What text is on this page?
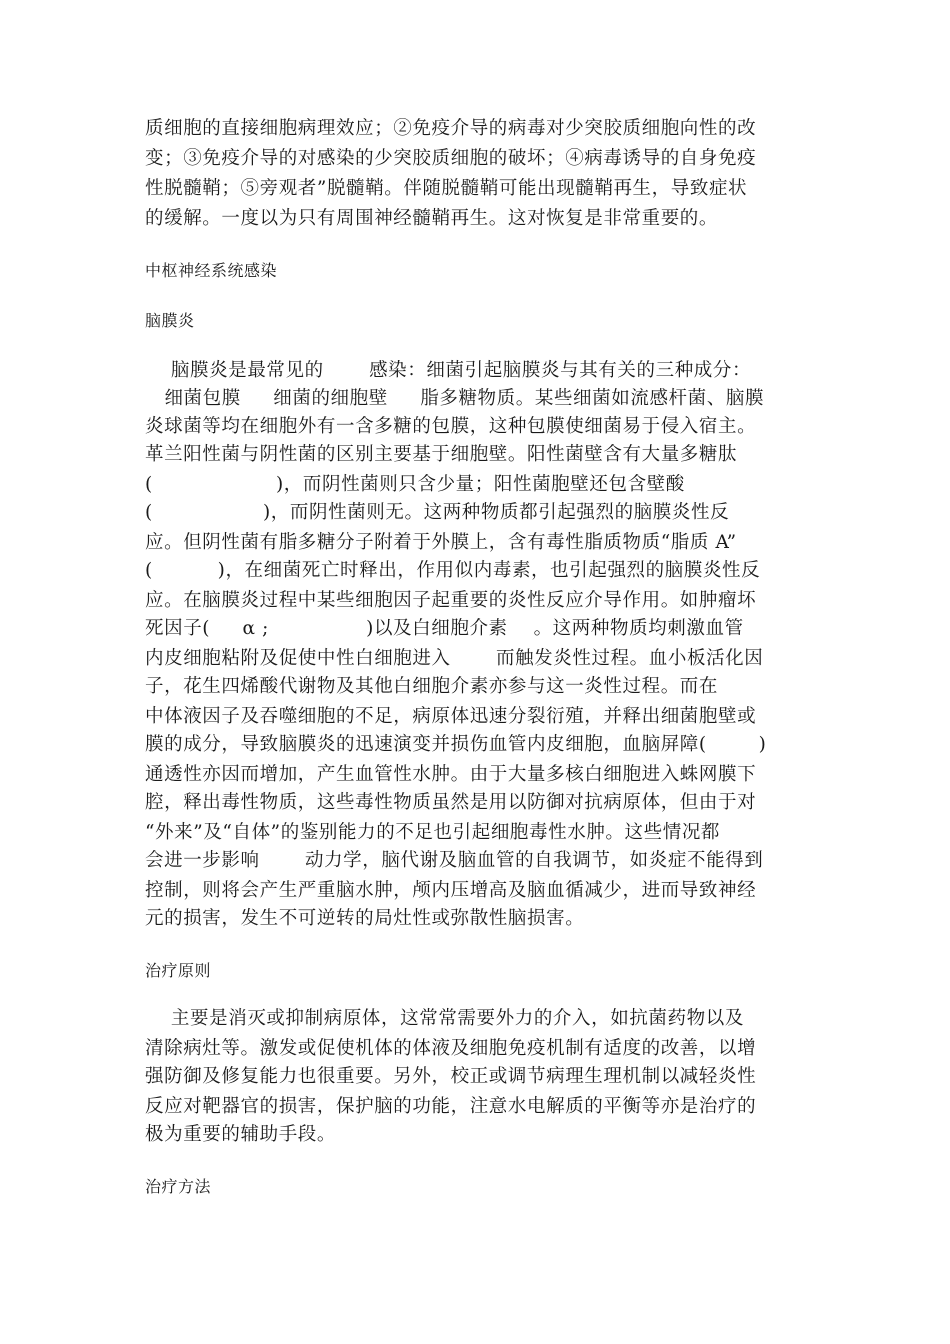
质细胞的直接细胞病理效应；②免疫介导的病毒对少突胶质细胞向性的改
变；③免疫介导的对感染的少突胶质细胞的破坏；④病毒诱导的自身免疫
性脱髓鞘；⑤旁观者”脱髓鞘。伴随脱髓鞘可能出现髓鞘再生，导致症状
的缓解。一度以为只有周围神经髓鞘再生。这对恢复是非常重要的。
中枢神经系统感染
脑膜炎
脑膜炎是最常见的       感染：细菌引起脑膜炎与其有关的三种成分：
细菌包膜     细菌的细胞壁     脂多糖物质。某些细菌如流感杆菌、脑膜
炎球菌等均在细胞外有一含多糖的包膜，这种包膜使细菌易于侵入宿主。
革兰阳性菌与阴性菌的区别主要基于细胞壁。阳性菌壁含有大量多糖肽
(                   )，而阴性菌则只含少量；阳性菌胞壁还包含壁酸
(                 )，而阴性菌则无。这两种物质都引起强烈的脑膜炎性反
应。但阴性菌有脂多糖分子附着于外膜上，含有毒性脂质物质“脂质 A”
(          )，在细菌死亡时释出，作用似内毒素，也引起强烈的脑膜炎性反
应。在脑膜炎过程中某些细胞因子起重要的炎性反应介导作用。如肿瘤坏
死因子(     α ;               )以及白细胞介素    。这两种物质均刺激血管
内皮细胞粘附及促使中性白细胞进入       而触发炎性过程。血小板活化因
子，花生四烯酸代谢物及其他白细胞介素亦参与这一炎性过程。而在
中体液因子及吞噬细胞的不足，病原体迅速分裂衍殖，并释出细菌胞壁或
膜的成分，导致脑膜炎的迅速演变并损伤血管内皮细胞，血脑屏障(        )
通透性亦因而增加，产生血管性水肿。由于大量多核白细胞进入蛛网膜下
腔，释出毒性物质，这些毒性物质虽然是用以防御对抗病原体，但由于对
“外来”及“自体”的鉴别能力的不足也引起细胞毒性水肿。这些情况都
会进一步影响       动力学，脑代谢及脑血管的自我调节，如炎症不能得到
控制，则将会产生严重脑水肿，颅内压增高及脑血循减少，进而导致神经
元的损害，发生不可逆转的局灶性或弥散性脑损害。
治疗原则
主要是消灭或抑制病原体，这常常需要外力的介入，如抗菌药物以及
清除病灶等。激发或促使机体的体液及细胞免疫机制有适度的改善，以增
强防御及修复能力也很重要。另外，校正或调节病理生理机制以减轻炎性
反应对靶器官的损害，保护脑的功能，注意水电解质的平衡等亦是治疗的
极为重要的辅助手段。
治疗方法
